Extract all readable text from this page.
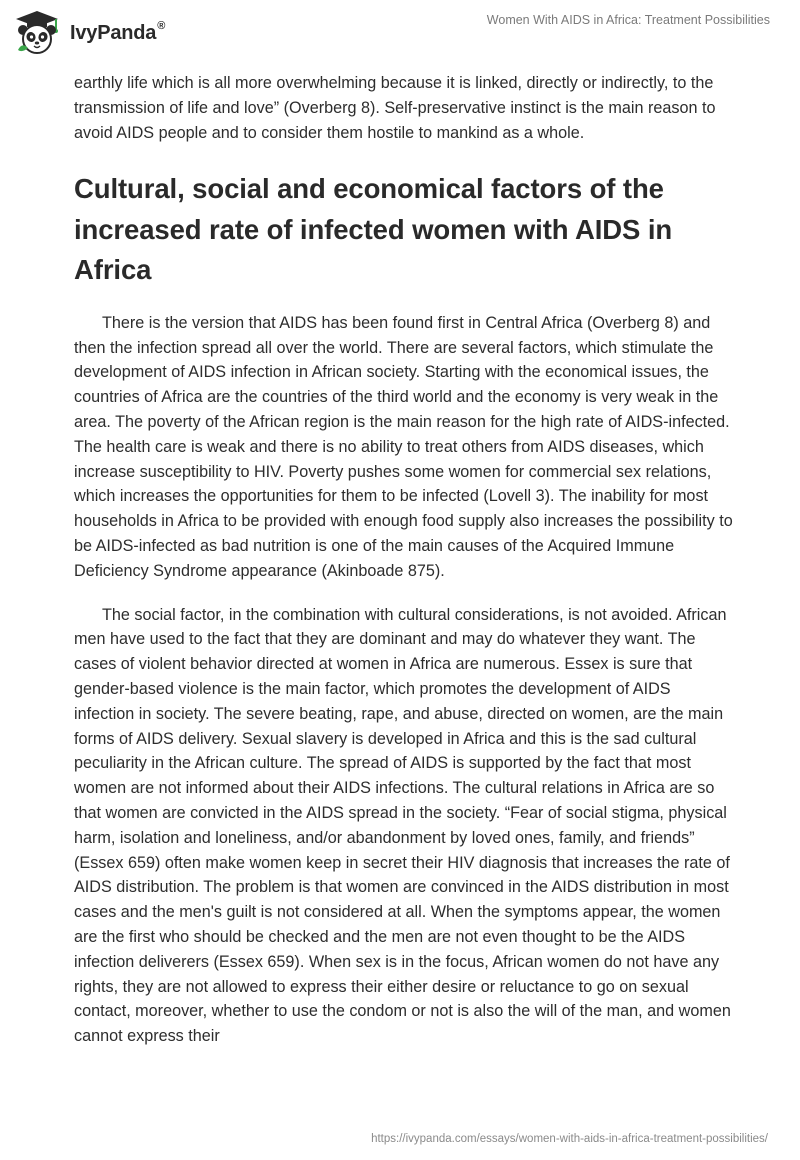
IvyPanda®	Women With AIDS in Africa: Treatment Possibilities

earthly life which is all more overwhelming because it is linked, directly or indirectly, to the transmission of life and love” (Overberg 8). Self-preservative instinct is the main reason to avoid AIDS people and to consider them hostile to mankind as a whole.

Cultural, social and economical factors of the increased rate of infected women with AIDS in Africa

There is the version that AIDS has been found first in Central Africa (Overberg 8) and then the infection spread all over the world. There are several factors, which stimulate the development of AIDS infection in African society. Starting with the economical issues, the countries of Africa are the countries of the third world and the economy is very weak in the area. The poverty of the African region is the main reason for the high rate of AIDS-infected. The health care is weak and there is no ability to treat others from AIDS diseases, which increase susceptibility to HIV. Poverty pushes some women for commercial sex relations, which increases the opportunities for them to be infected (Lovell 3). The inability for most households in Africa to be provided with enough food supply also increases the possibility to be AIDS-infected as bad nutrition is one of the main causes of the Acquired Immune Deficiency Syndrome appearance (Akinboade 875).

The social factor, in the combination with cultural considerations, is not avoided. African men have used to the fact that they are dominant and may do whatever they want. The cases of violent behavior directed at women in Africa are numerous. Essex is sure that gender-based violence is the main factor, which promotes the development of AIDS infection in society. The severe beating, rape, and abuse, directed on women, are the main forms of AIDS delivery. Sexual slavery is developed in Africa and this is the sad cultural peculiarity in the African culture. The spread of AIDS is supported by the fact that most women are not informed about their AIDS infections. The cultural relations in Africa are so that women are convicted in the AIDS spread in the society. “Fear of social stigma, physical harm, isolation and loneliness, and/or abandonment by loved ones, family, and friends” (Essex 659) often make women keep in secret their HIV diagnosis that increases the rate of AIDS distribution. The problem is that women are convinced in the AIDS distribution in most cases and the men's guilt is not considered at all. When the symptoms appear, the women are the first who should be checked and the men are not even thought to be the AIDS infection deliverers (Essex 659). When sex is in the focus, African women do not have any rights, they are not allowed to express their either desire or reluctance to go on sexual contact, moreover, whether to use the condom or not is also the will of the man, and women cannot express their

https://ivypanda.com/essays/women-with-aids-in-africa-treatment-possibilities/
